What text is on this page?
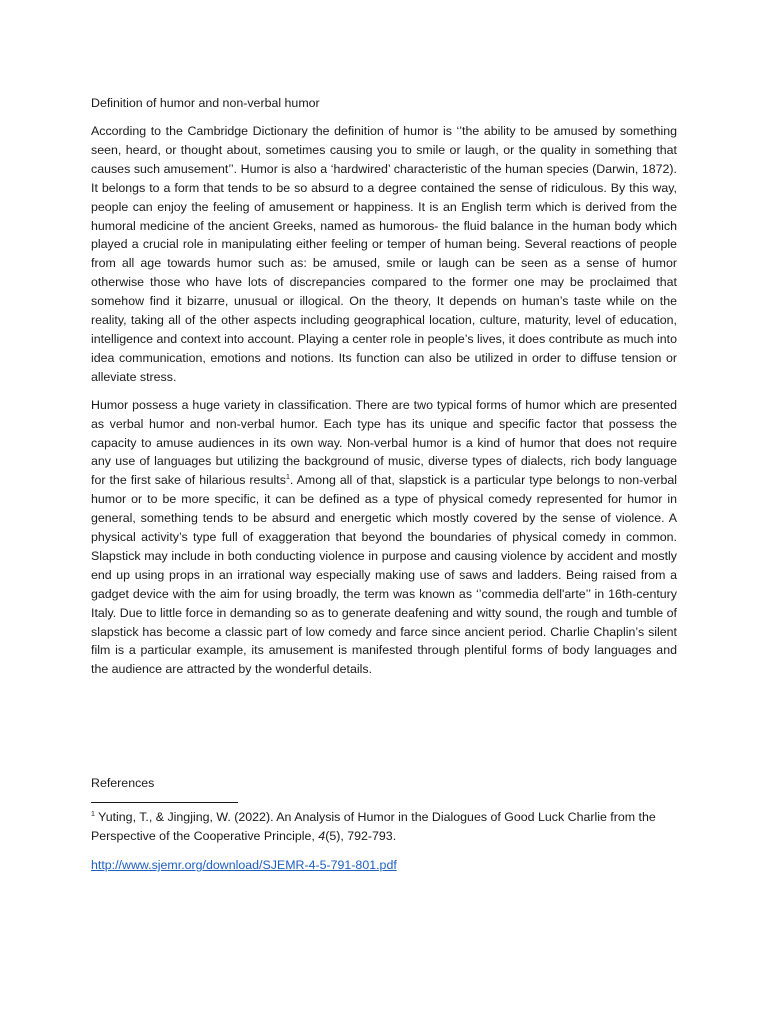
Definition of humor and non-verbal humor

According to the Cambridge Dictionary the definition of humor is ‘’the ability to be amused by something seen, heard, or thought about, sometimes causing you to smile or laugh, or the quality in something that causes such amusement’’. Humor is also a ‘hardwired’ characteristic of the human species (Darwin, 1872). It belongs to a form that tends to be so absurd to a degree contained the sense of ridiculous. By this way, people can enjoy the feeling of amusement or happiness. It is an English term which is derived from the humoral medicine of the ancient Greeks, named as humorous- the fluid balance in the human body which played a crucial role in manipulating either feeling or temper of human being. Several reactions of people from all age towards humor such as: be amused, smile or laugh can be seen as a sense of humor otherwise those who have lots of discrepancies compared to the former one may be proclaimed that somehow find it bizarre, unusual or illogical. On the theory, It depends on human’s taste while on the reality, taking all of the other aspects including geographical location, culture, maturity, level of education, intelligence and context into account. Playing a center role in people’s lives, it does contribute as much into idea communication, emotions and notions. Its function can also be utilized in order to diffuse tension or alleviate stress.

Humor possess a huge variety in classification. There are two typical forms of humor which are presented as verbal humor and non-verbal humor. Each type has its unique and specific factor that possess the capacity to amuse audiences in its own way. Non-verbal humor is a kind of humor that does not require any use of languages but utilizing the background of music, diverse types of dialects, rich body language for the first sake of hilarious results$^1$. Among all of that, slapstick is a particular type belongs to non-verbal humor or to be more specific, it can be defined as a type of physical comedy represented for humor in general, something tends to be absurd and energetic which mostly covered by the sense of violence. A physical activity’s type full of exaggeration that beyond the boundaries of physical comedy in common. Slapstick may include in both conducting violence in purpose and causing violence by accident and mostly end up using props in an irrational way especially making use of saws and ladders. Being raised from a gadget device with the aim for using broadly, the term was known as ‘’commedia dell'arte’’ in 16th-century Italy. Due to little force in demanding so as to generate deafening and witty sound, the rough and tumble of slapstick has become a classic part of low comedy and farce since ancient period. Charlie Chaplin’s silent film is a particular example, its amusement is manifested through plentiful forms of body languages and the audience are attracted by the wonderful details.

References
$^1$ Yuting, T., & Jingjing, W. (2022). An Analysis of Humor in the Dialogues of Good Luck Charlie from the Perspective of the Cooperative Principle, 4(5), 792-793.
http://www.sjemr.org/download/SJEMR-4-5-791-801.pdf
